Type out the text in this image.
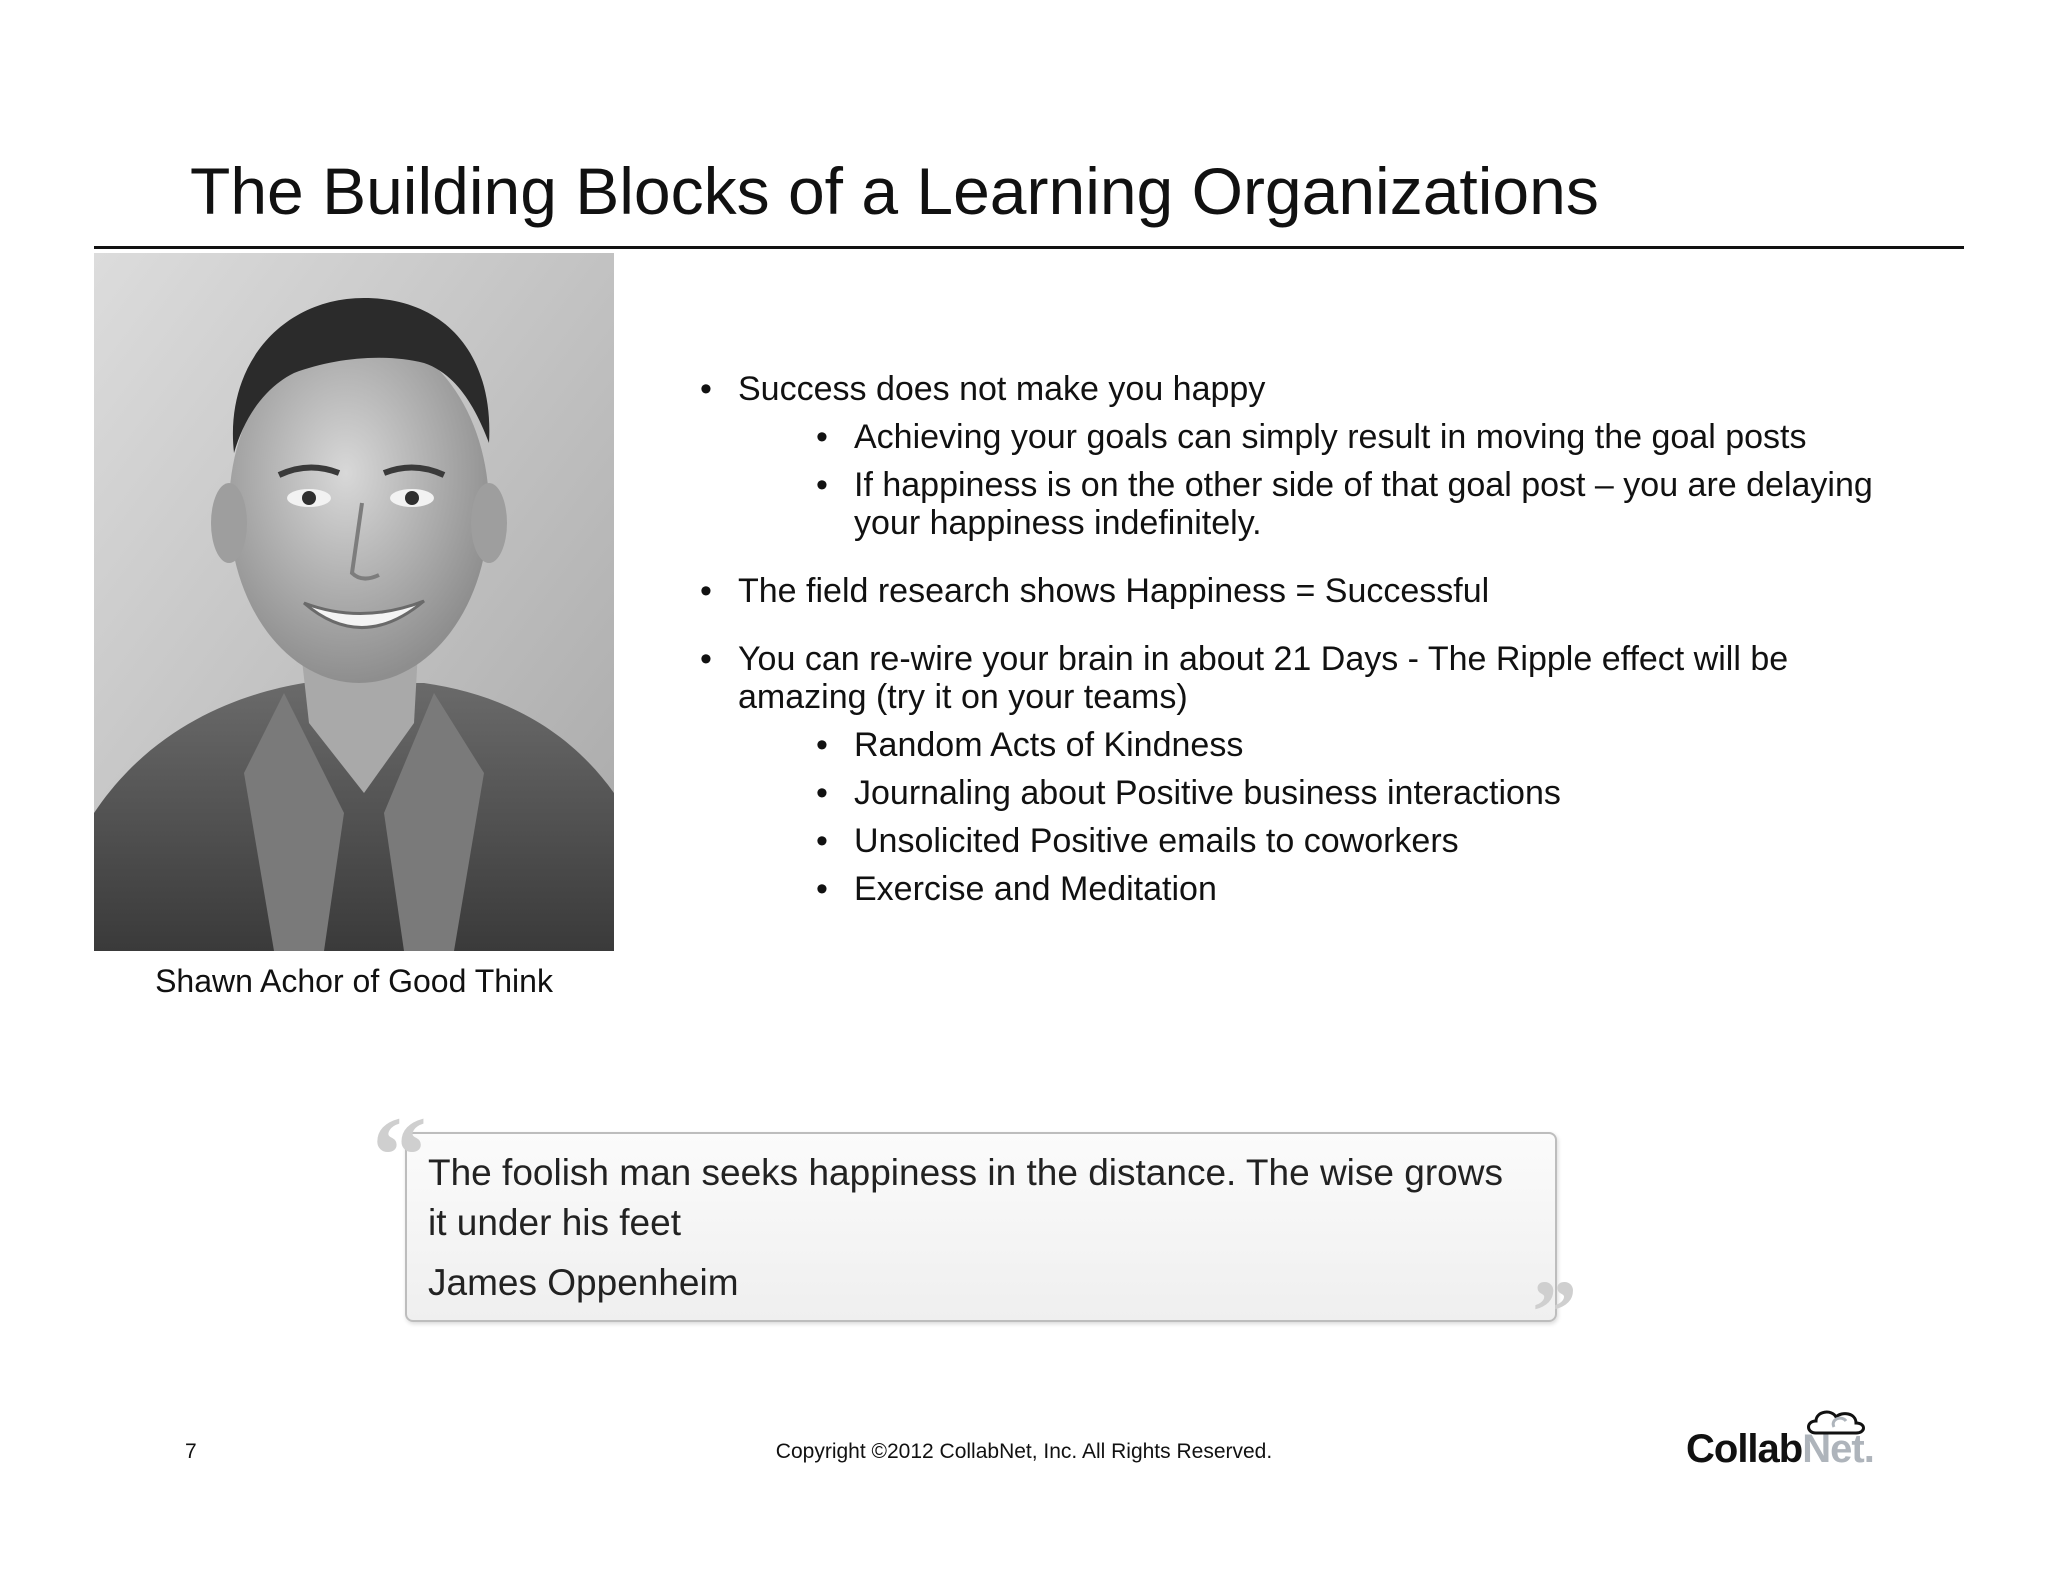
The Building Blocks of a Learning Organizations
Shawn Achor of Good Think
• Success does not make you happy
• Achieving your goals can simply result in moving the goal posts
• If happiness is on the other side of that goal post – you are delaying your happiness indefinitely.
• The field research shows Happiness = Successful
• You can re-wire your brain in about 21 Days - The Ripple effect will be amazing (try it on your teams)
• Random Acts of Kindness
• Journaling about Positive business interactions
• Unsolicited Positive emails to coworkers
• Exercise and Meditation
“
”
The foolish man seeks happiness in the distance. The wise grows it under his feet
James Oppenheim
7	Copyright ©2012 CollabNet, Inc. All Rights Reserved.	CollabNet.
